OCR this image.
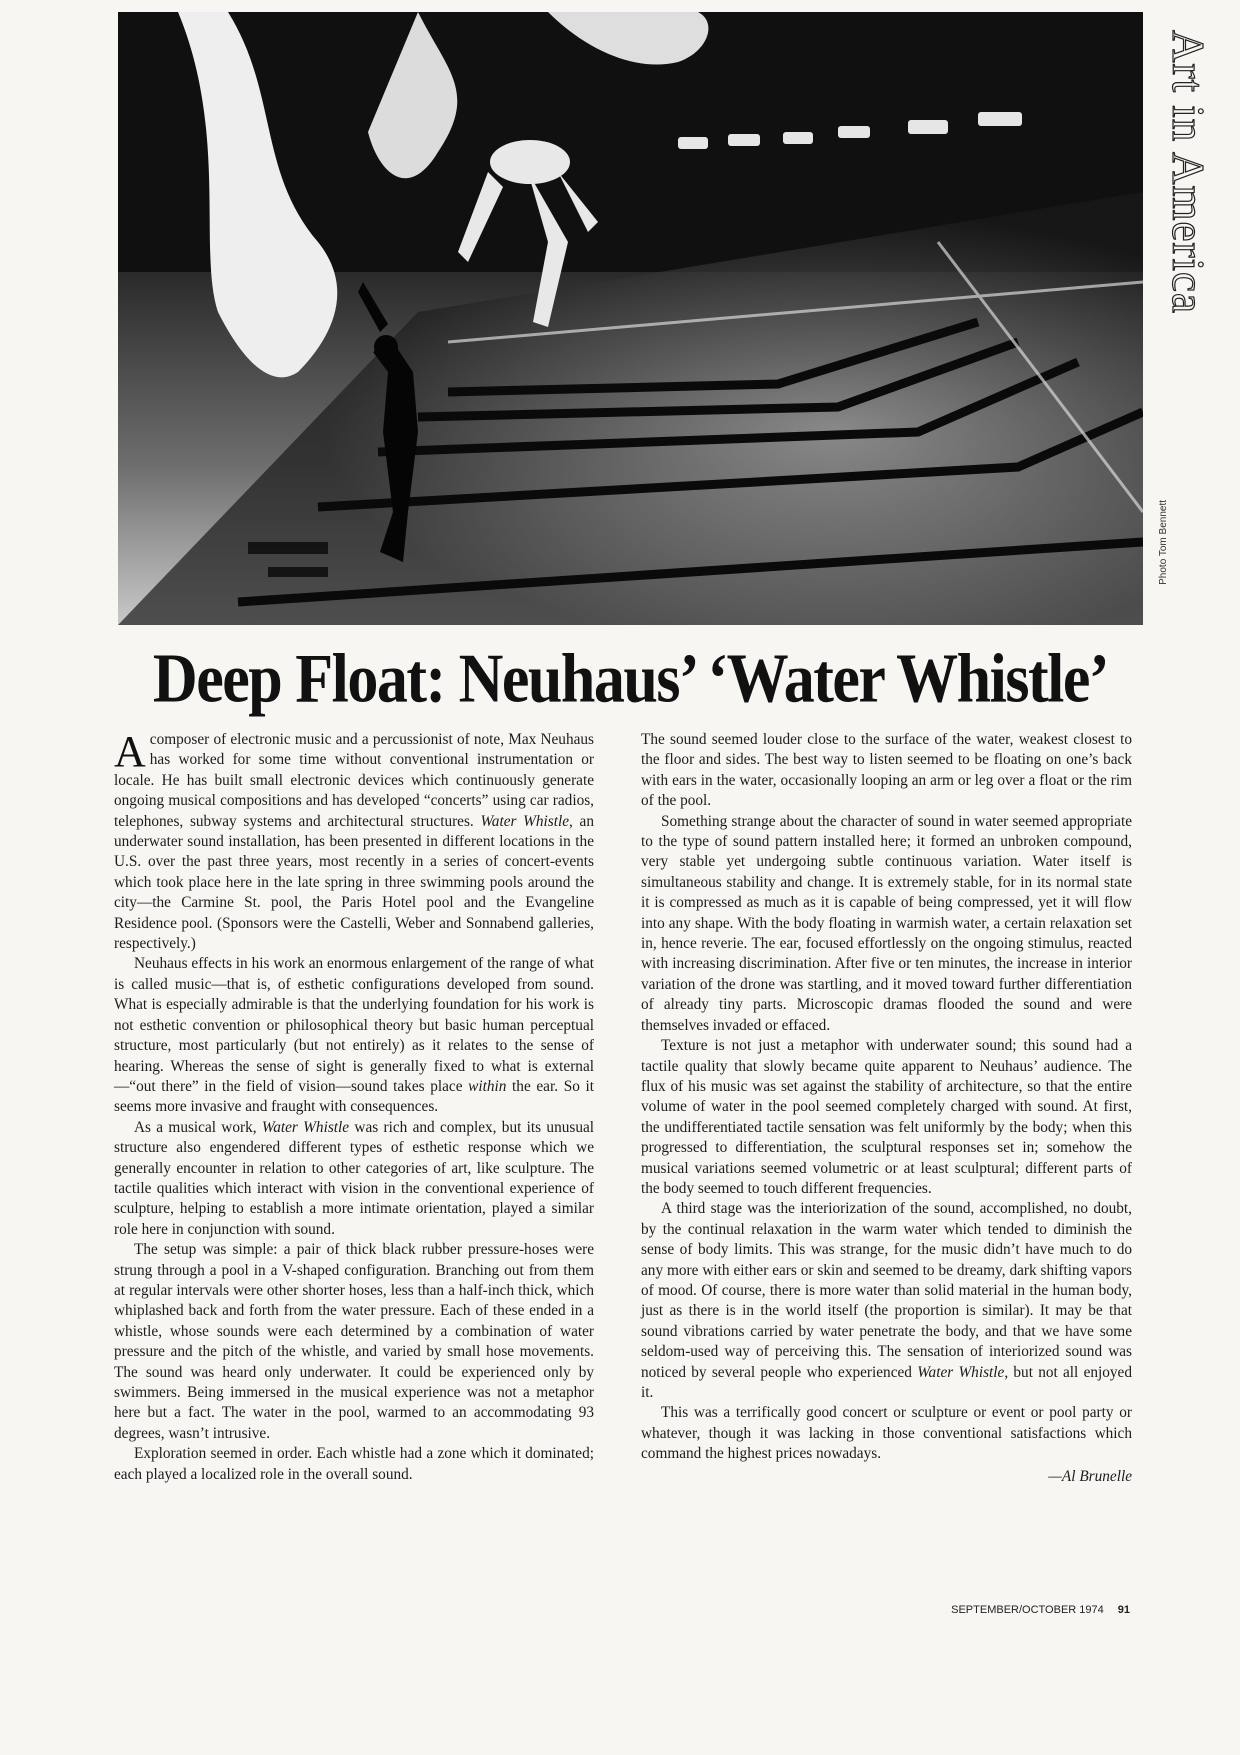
Art in America
Photo Tom Bennett
Deep Float: Neuhaus’ ‘Water Whistle’

A composer of electronic music and a percussionist of note, Max Neuhaus has worked for some time without conventional instrumentation or locale. He has built small electronic devices which continuously generate ongoing musical compositions and has developed “concerts” using car radios, telephones, subway systems and architectural structures. Water Whistle, an underwater sound installation, has been presented in different locations in the U.S. over the past three years, most recently in a series of concert-events which took place here in the late spring in three swimming pools around the city—the Carmine St. pool, the Paris Hotel pool and the Evangeline Residence pool. (Sponsors were the Castelli, Weber and Sonnabend galleries, respectively.)

Neuhaus effects in his work an enormous enlargement of the range of what is called music—that is, of esthetic configurations developed from sound. What is especially admirable is that the underlying foundation for his work is not esthetic convention or philosophical theory but basic human perceptual structure, most particularly (but not entirely) as it relates to the sense of hearing. Whereas the sense of sight is generally fixed to what is external—“out there” in the field of vision—sound takes place within the ear. So it seems more invasive and fraught with consequences.

As a musical work, Water Whistle was rich and complex, but its unusual structure also engendered different types of esthetic response which we generally encounter in relation to other categories of art, like sculpture. The tactile qualities which interact with vision in the conventional experience of sculpture, helping to establish a more intimate orientation, played a similar role here in conjunction with sound.

The setup was simple: a pair of thick black rubber pressure-hoses were strung through a pool in a V-shaped configuration. Branching out from them at regular intervals were other shorter hoses, less than a half-inch thick, which whiplashed back and forth from the water pressure. Each of these ended in a whistle, whose sounds were each determined by a combination of water pressure and the pitch of the whistle, and varied by small hose movements. The sound was heard only underwater. It could be experienced only by swimmers. Being immersed in the musical experience was not a metaphor here but a fact. The water in the pool, warmed to an accommodating 93 degrees, wasn’t intrusive.

Exploration seemed in order. Each whistle had a zone which it dominated; each played a localized role in the overall sound.

The sound seemed louder close to the surface of the water, weakest closest to the floor and sides. The best way to listen seemed to be floating on one’s back with ears in the water, occasionally looping an arm or leg over a float or the rim of the pool.

Something strange about the character of sound in water seemed appropriate to the type of sound pattern installed here; it formed an unbroken compound, very stable yet undergoing subtle continuous variation. Water itself is simultaneous stability and change. It is extremely stable, for in its normal state it is compressed as much as it is capable of being compressed, yet it will flow into any shape. With the body floating in warmish water, a certain relaxation set in, hence reverie. The ear, focused effortlessly on the ongoing stimulus, reacted with increasing discrimination. After five or ten minutes, the increase in interior variation of the drone was startling, and it moved toward further differentiation of already tiny parts. Microscopic dramas flooded the sound and were themselves invaded or effaced.

Texture is not just a metaphor with underwater sound; this sound had a tactile quality that slowly became quite apparent to Neuhaus’ audience. The flux of his music was set against the stability of architecture, so that the entire volume of water in the pool seemed completely charged with sound. At first, the undifferentiated tactile sensation was felt uniformly by the body; when this progressed to differentiation, the sculptural responses set in; somehow the musical variations seemed volumetric or at least sculptural; different parts of the body seemed to touch different frequencies.

A third stage was the interiorization of the sound, accomplished, no doubt, by the continual relaxation in the warm water which tended to diminish the sense of body limits. This was strange, for the music didn’t have much to do any more with either ears or skin and seemed to be dreamy, dark shifting vapors of mood. Of course, there is more water than solid material in the human body, just as there is in the world itself (the proportion is similar). It may be that sound vibrations carried by water penetrate the body, and that we have some seldom-used way of perceiving this. The sensation of interiorized sound was noticed by several people who experienced Water Whistle, but not all enjoyed it.

This was a terrifically good concert or sculpture or event or pool party or whatever, though it was lacking in those conventional satisfactions which command the highest prices nowadays.

—Al Brunelle
SEPTEMBER/OCTOBER 1974 91
